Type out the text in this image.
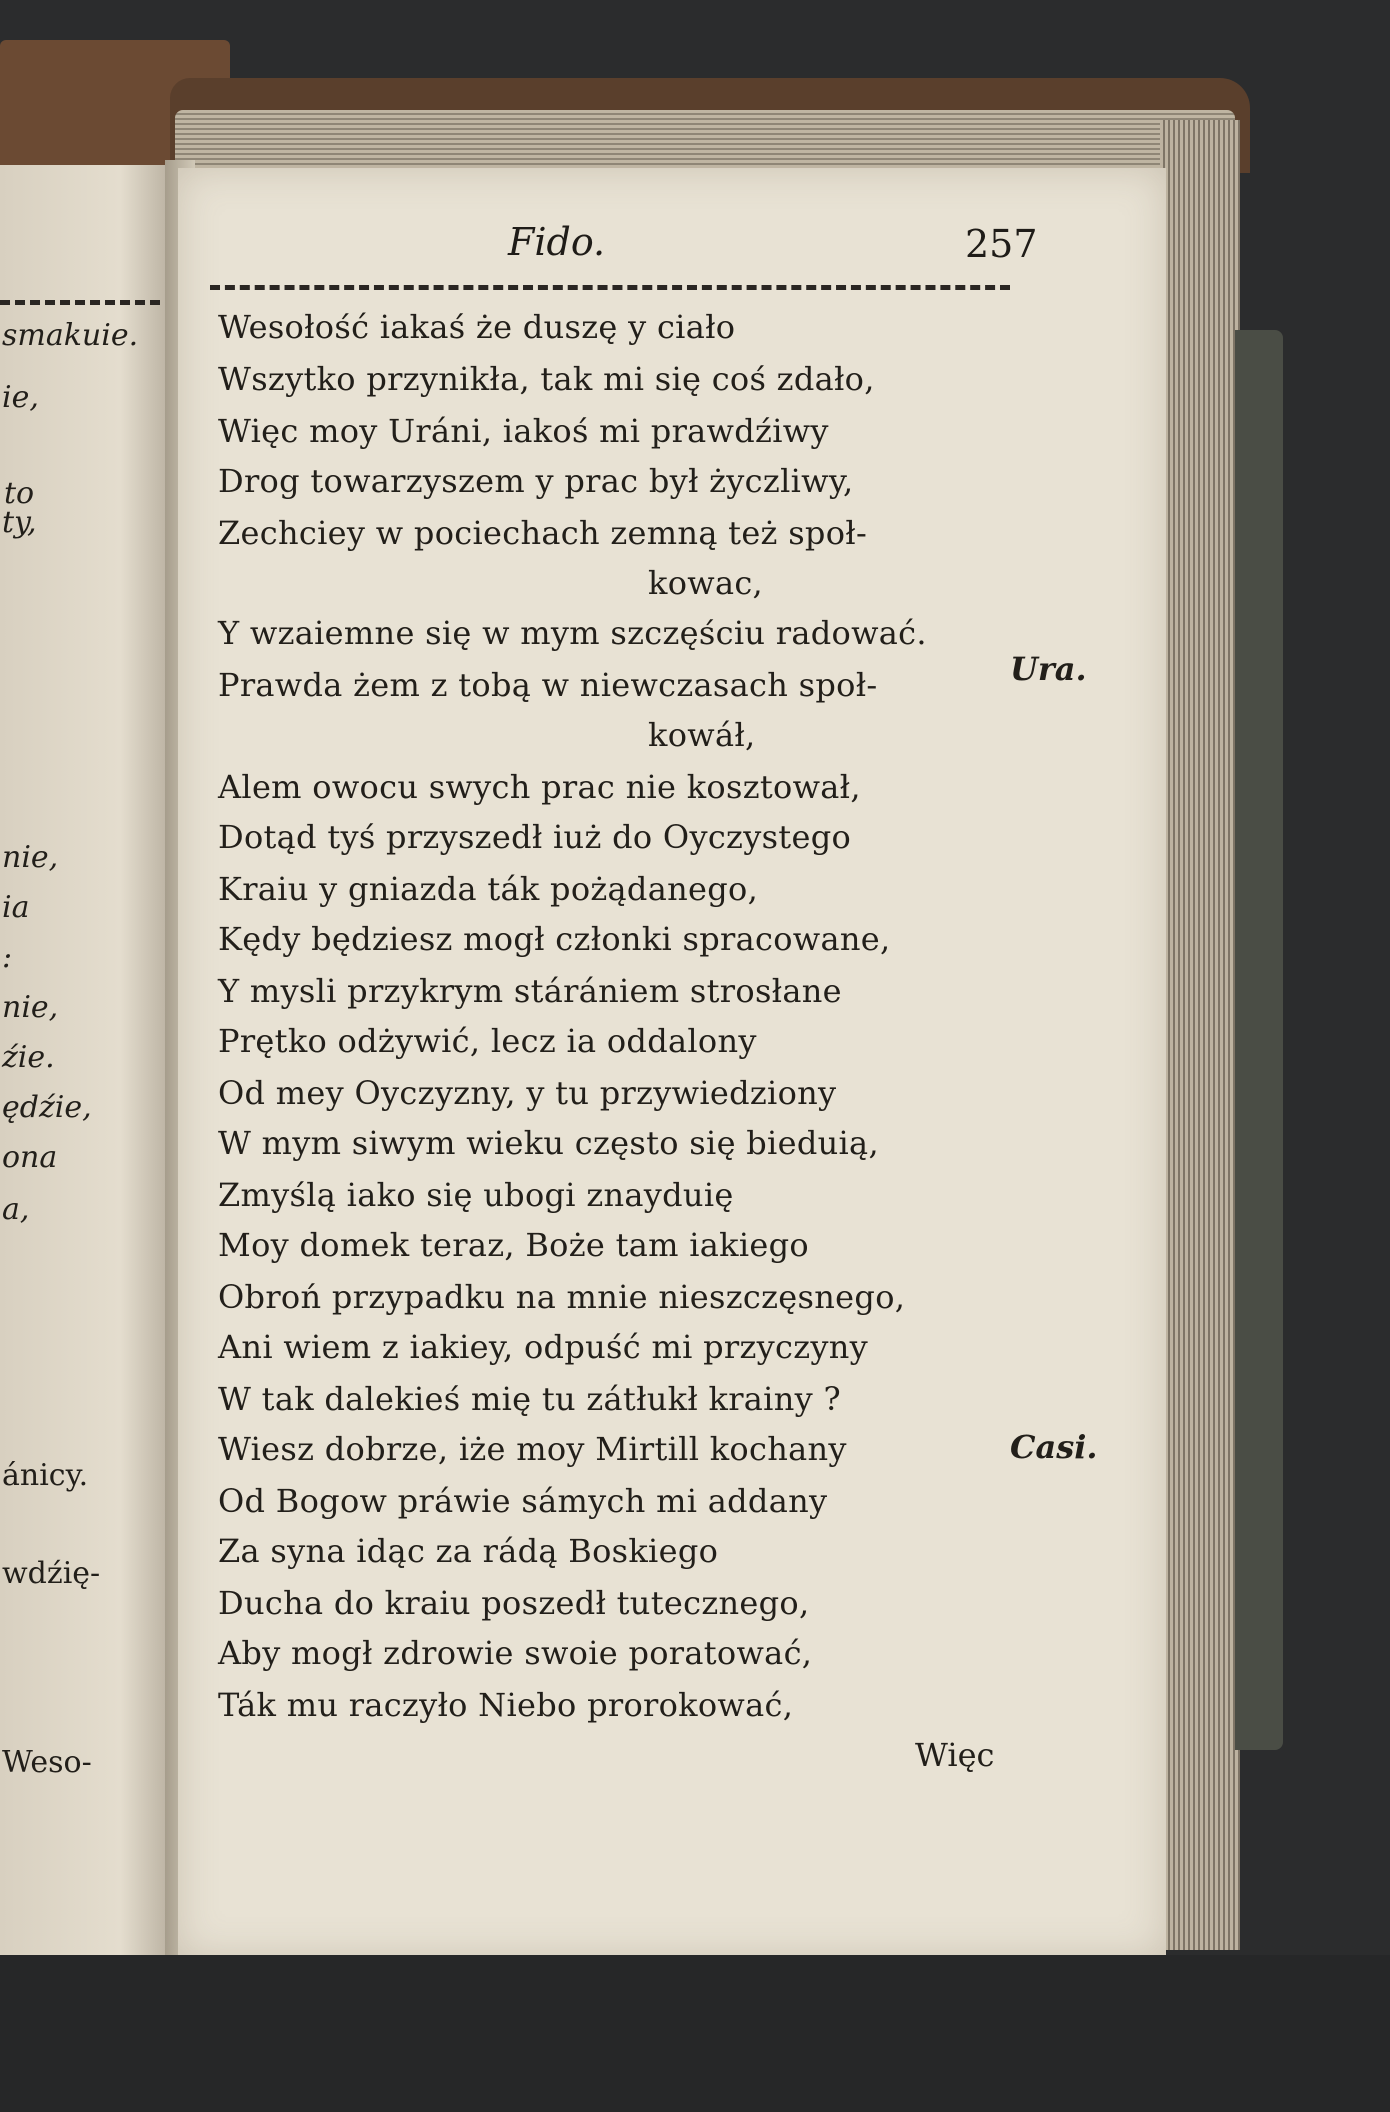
smakuie.
ie,
to
ty,
nie,
ia
:
nie,
źie.
ędźie,
ona
a,
ánicy.
wdźię-
Weso-
Fido.	257
Wesołość iakaś że duszę y ciało
Wszytko przynikła, tak mi się coś zdało,
Więc moy Uráni, iakoś mi prawdźiwy
Drog towarzyszem y prac był życzliwy,
Zechciey w pociechach zemną też społ-
kowac,
Y wzaiemne się w mym szczęściu radować.
Prawda żem z tobą w niewczasach społ-
kowáł,
Alem owocu swych prac nie kosztował,
Dotąd tyś przyszedł iuż do Oyczystego
Kraiu y gniazda ták pożądanego,
Kędy będziesz mogł członki spracowane,
Y mysli przykrym stárániem strosłane
Prętko odżywić, lecz ia oddalony
Od mey Oyczyzny, y tu przywiedziony
W mym siwym wieku często się bieduią,
Zmyślą iako się ubogi znayduię
Moy domek teraz, Boże tam iakiego
Obroń przypadku na mnie nieszczęsnego,
Ani wiem z iakiey, odpuść mi przyczyny
W tak dalekieś mię tu zátłukł krainy ?
Wiesz dobrze, iże moy Mirtill kochany
Od Bogow práwie sámych mi addany
Za syna idąc za rádą Boskiego
Ducha do kraiu poszedł tutecznego,
Aby mogł zdrowie swoie poratować,
Ták mu raczyło Niebo prorokować,
Ura.
Casi.
Więc
